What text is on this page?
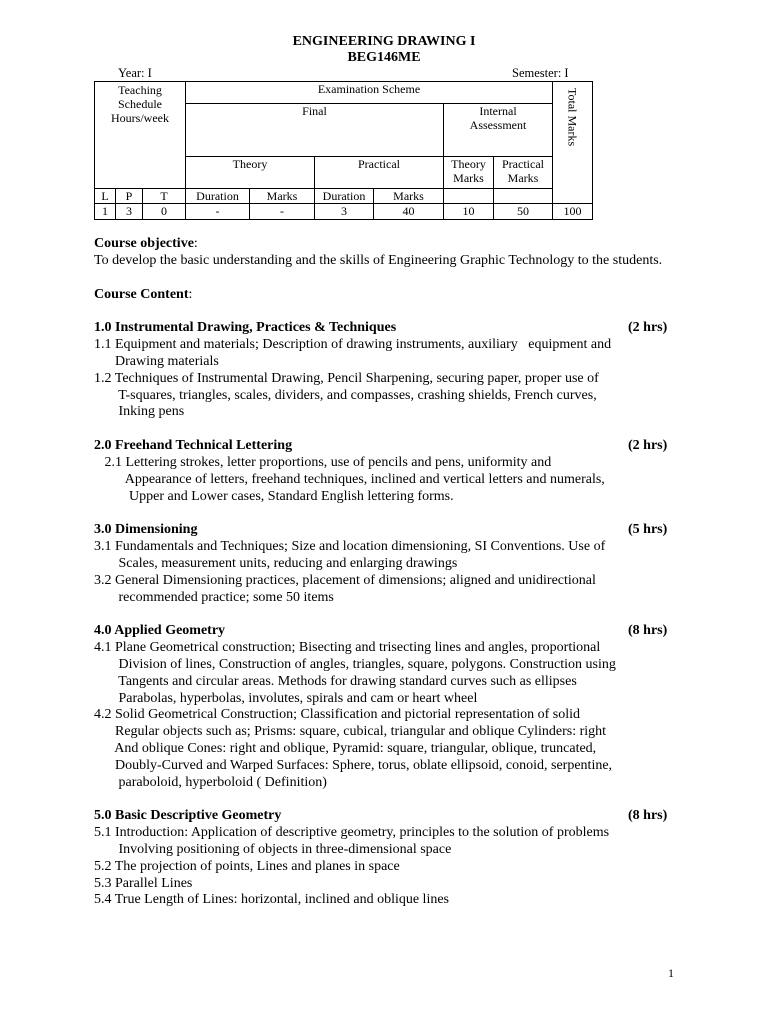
ENGINEERING DRAWING I
BEG146ME
Year: I	Semester: I
Teaching Schedule Hours/week			Examination Scheme						Total Marks
			Final				Internal Assessment		
			Theory		Practical		Theory Marks	Practical Marks	
L	P	T	Duration	Marks	Duration	Marks			
1	3	0	-	-	3	40	10	50	100
Course objective:
To develop the basic understanding and the skills of Engineering Graphic Technology to the students.
Course Content:
1.0 Instrumental Drawing, Practices & Techniques	(2 hrs)
1.1 Equipment and materials; Description of drawing instruments, auxiliary   equipment and
Drawing materials
1.2 Techniques of Instrumental Drawing, Pencil Sharpening, securing paper, proper use of
T-squares, triangles, scales, dividers, and compasses, crashing shields, French curves,
Inking pens
2.0 Freehand Technical Lettering	(2 hrs)
2.1 Lettering strokes, letter proportions, use of pencils and pens, uniformity and
Appearance of letters, freehand techniques, inclined and vertical letters and numerals,
Upper and Lower cases, Standard English lettering forms.
3.0 Dimensioning	(5 hrs)
3.1 Fundamentals and Techniques; Size and location dimensioning, SI Conventions. Use of
Scales, measurement units, reducing and enlarging drawings
3.2 General Dimensioning practices, placement of dimensions; aligned and unidirectional
recommended practice; some 50 items
4.0 Applied Geometry	(8 hrs)
4.1 Plane Geometrical construction; Bisecting and trisecting lines and angles, proportional
Division of lines, Construction of angles, triangles, square, polygons. Construction using
Tangents and circular areas. Methods for drawing standard curves such as ellipses
Parabolas, hyperbolas, involutes, spirals and cam or heart wheel
4.2 Solid Geometrical Construction; Classification and pictorial representation of solid
Regular objects such as; Prisms: square, cubical, triangular and oblique Cylinders: right
And oblique Cones: right and oblique, Pyramid: square, triangular, oblique, truncated,
Doubly-Curved and Warped Surfaces: Sphere, torus, oblate ellipsoid, conoid, serpentine,
paraboloid, hyperboloid ( Definition)
5.0 Basic Descriptive Geometry	(8 hrs)
5.1 Introduction: Application of descriptive geometry, principles to the solution of problems
Involving positioning of objects in three-dimensional space
5.2 The projection of points, Lines and planes in space
5.3 Parallel Lines
5.4 True Length of Lines: horizontal, inclined and oblique lines
1
